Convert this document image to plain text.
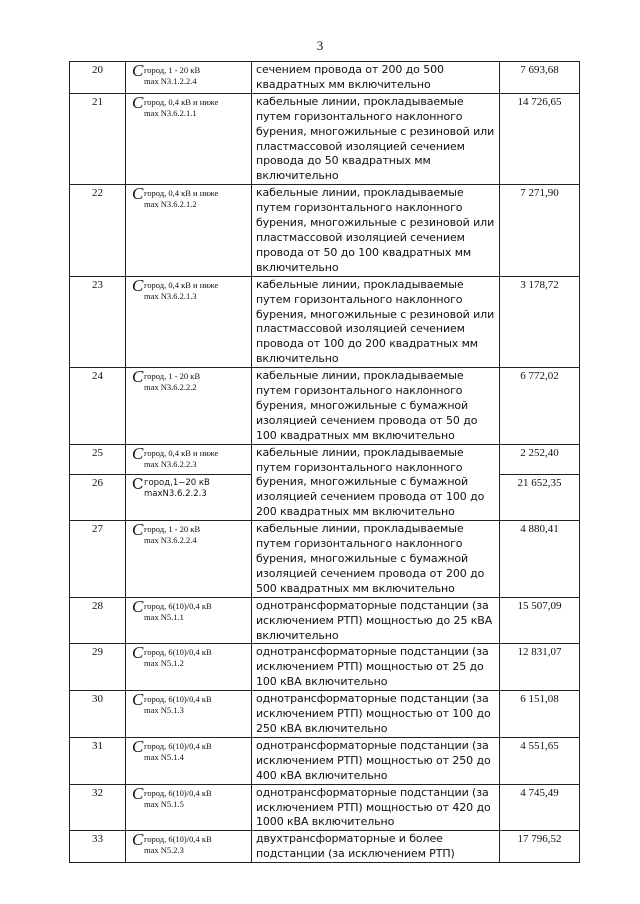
3
20	C город, 1 - 20 кВ
max N3.1.2.2.4	сечением провода от 200 до 500 квадратных мм включительно	7 693,68
21	C город, 0,4 кВ и ниже
max N3.6.2.1.1	кабельные линии, прокладываемые путем горизонтального наклонного бурения, многожильные с резиновой или пластмассовой изоляцией сечением провода до 50 квадратных мм включительно	14 726,65
22	C город, 0,4 кВ и ниже
max N3.6.2.1.2	кабельные линии, прокладываемые путем горизонтального наклонного бурения, многожильные с резиновой или пластмассовой изоляцией сечением провода от 50 до 100 квадратных мм включительно	7 271,90
23	C город, 0,4 кВ и ниже
max N3.6.2.1.3	кабельные линии, прокладываемые путем горизонтального наклонного бурения, многожильные с резиновой или пластмассовой изоляцией сечением провода от 100 до 200 квадратных мм включительно	3 178,72
24	C город, 1 - 20 кВ
max N3.6.2.2.2	кабельные линии, прокладываемые путем горизонтального наклонного бурения, многожильные с бумажной изоляцией сечением провода от 50 до 100 квадратных мм включительно	6 772,02
25	C город, 0,4 кВ и ниже
max N3.6.2.2.3	кабельные линии, прокладываемые путем горизонтального наклонного бурения, многожильные с бумажной изоляцией сечением провода от 100 до 200 квадратных мм включительно	2 252,40
26	C город,1−20 кВ
maxN3.6.2.2.3		21 652,35
27	C город, 1 - 20 кВ
max N3.6.2.2.4	кабельные линии, прокладываемые путем горизонтального наклонного бурения, многожильные с бумажной изоляцией сечением провода от 200 до 500 квадратных мм включительно	4 880,41
28	C город, 6(10)/0,4 кВ
max N5.1.1	однотрансформаторные подстанции (за исключением РТП) мощностью до 25 кВА включительно	15 507,09
29	C город, 6(10)/0,4 кВ
max N5.1.2	однотрансформаторные подстанции (за исключением РТП) мощностью от 25 до 100 кВА включительно	12 831,07
30	C город, 6(10)/0,4 кВ
max N5.1.3	однотрансформаторные подстанции (за исключением РТП) мощностью от 100 до 250 кВА включительно	6 151,08
31	C город, 6(10)/0,4 кВ
max N5.1.4	однотрансформаторные подстанции (за исключением РТП) мощностью от 250 до 400 кВА включительно	4 551,65
32	C город, 6(10)/0,4 кВ
max N5.1.5	однотрансформаторные подстанции (за исключением РТП) мощностью от 420 до 1000 кВА включительно	4 745,49
33	C город, 6(10)/0,4 кВ
max N5.2.3	двухтрансформаторные и более подстанции (за исключением РТП)	17 796,52
